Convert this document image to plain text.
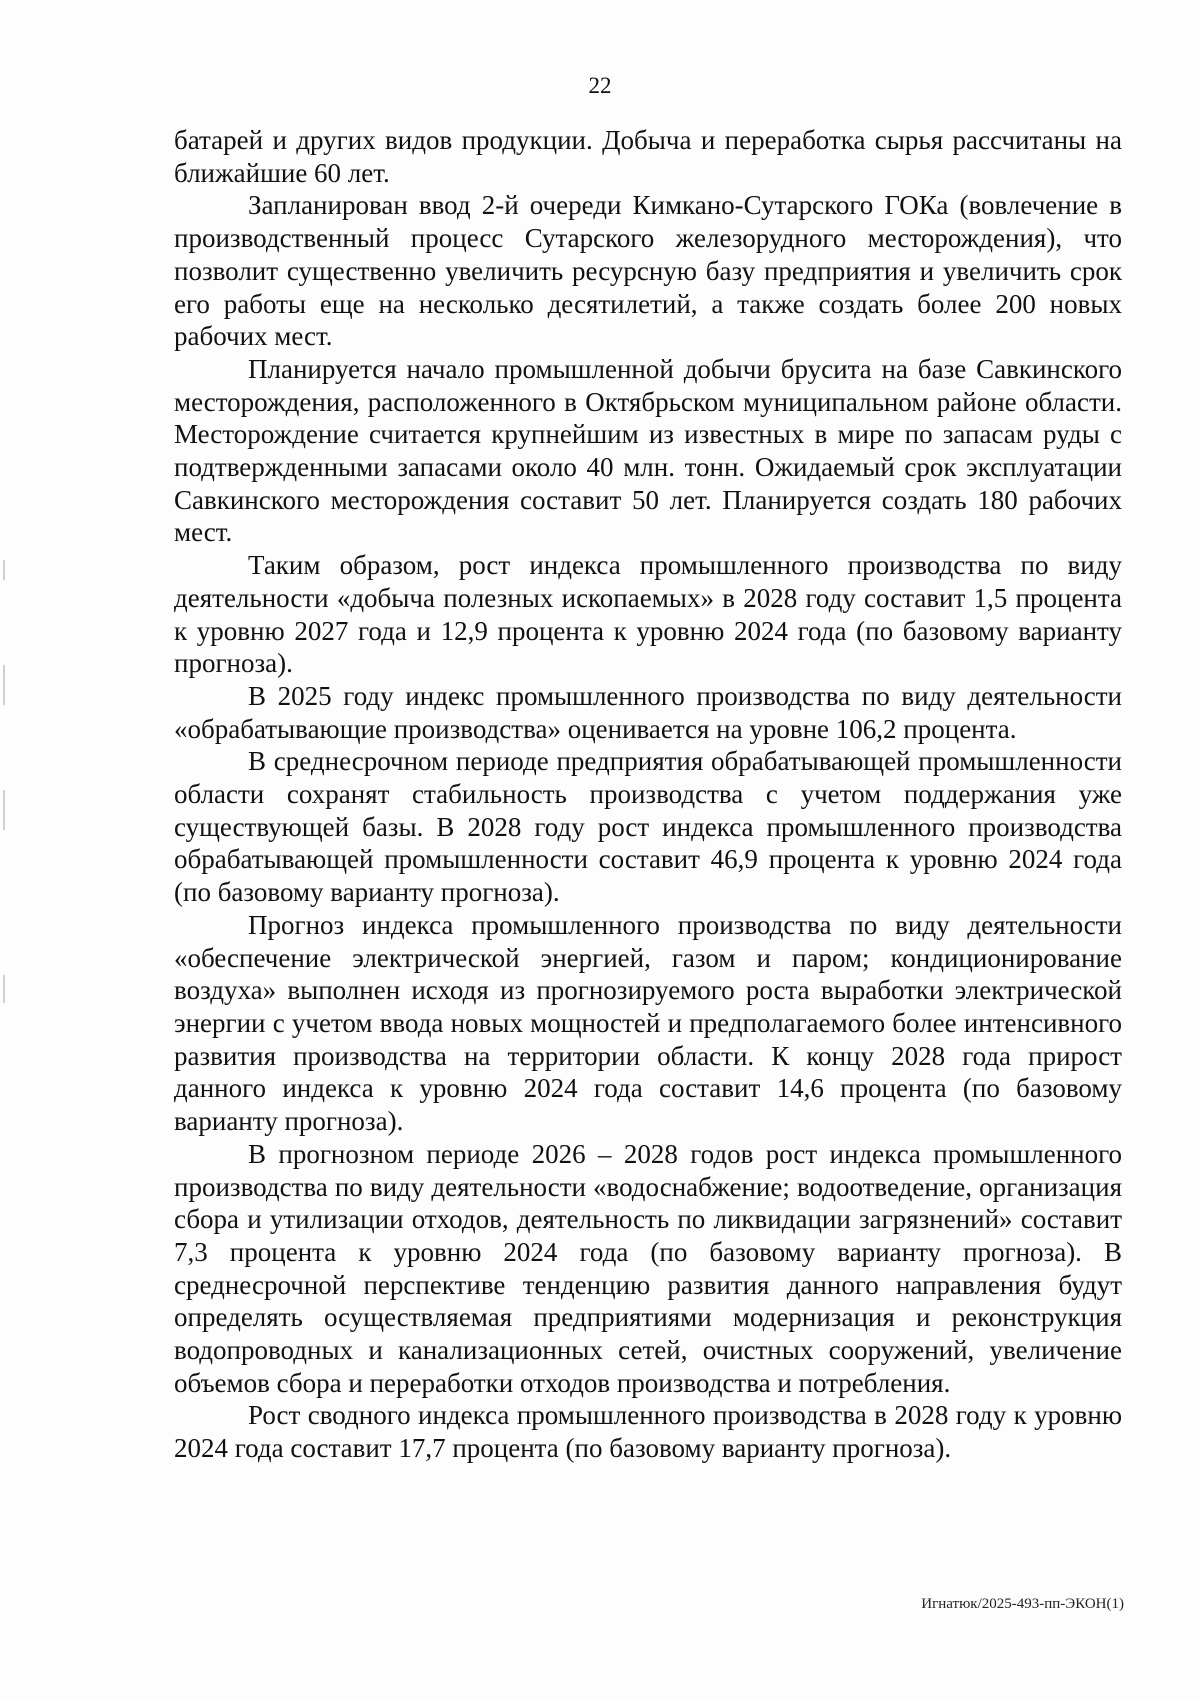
22

батарей и других видов продукции. Добыча и переработка сырья рассчитаны на ближайшие 60 лет.

Запланирован ввод 2-й очереди Кимкано-Сутарского ГОКа (вовлечение в производственный процесс Сутарского железорудного месторождения), что позволит существенно увеличить ресурсную базу предприятия и увеличить срок его работы еще на несколько десятилетий, а также создать более 200 новых рабочих мест.

Планируется начало промышленной добычи брусита на базе Савкинского месторождения, расположенного в Октябрьском муниципальном районе области. Месторождение считается крупнейшим из известных в мире по запасам руды с подтвержденными запасами около 40 млн. тонн. Ожидаемый срок эксплуатации Савкинского месторождения составит 50 лет. Планируется создать 180 рабочих мест.

Таким образом, рост индекса промышленного производства по виду деятельности «добыча полезных ископаемых» в 2028 году составит 1,5 процента к уровню 2027 года и 12,9 процента к уровню 2024 года (по базовому варианту прогноза).

В 2025 году индекс промышленного производства по виду деятельности «обрабатывающие производства» оценивается на уровне 106,2 процента.

В среднесрочном периоде предприятия обрабатывающей промышленности области сохранят стабильность производства с учетом поддержания уже существующей базы. В 2028 году рост индекса промышленного производства обрабатывающей промышленности составит 46,9 процента к уровню 2024 года (по базовому варианту прогноза).

Прогноз индекса промышленного производства по виду деятельности «обеспечение электрической энергией, газом и паром; кондиционирование воздуха» выполнен исходя из прогнозируемого роста выработки электрической энергии с учетом ввода новых мощностей и предполагаемого более интенсивного развития производства на территории области. К концу 2028 года прирост данного индекса к уровню 2024 года составит 14,6 процента (по базовому варианту прогноза).

В прогнозном периоде 2026 – 2028 годов рост индекса промышленного производства по виду деятельности «водоснабжение; водоотведение, организация сбора и утилизации отходов, деятельность по ликвидации загрязнений» составит 7,3 процента к уровню 2024 года (по базовому варианту прогноза). В среднесрочной перспективе тенденцию развития данного направления будут определять осуществляемая предприятиями модернизация и реконструкция водопроводных и канализационных сетей, очистных сооружений, увеличение объемов сбора и переработки отходов производства и потребления.

Рост сводного индекса промышленного производства в 2028 году к уровню 2024 года составит 17,7 процента (по базовому варианту прогноза).

Игнатюк/2025-493-пп-ЭКОН(1)
